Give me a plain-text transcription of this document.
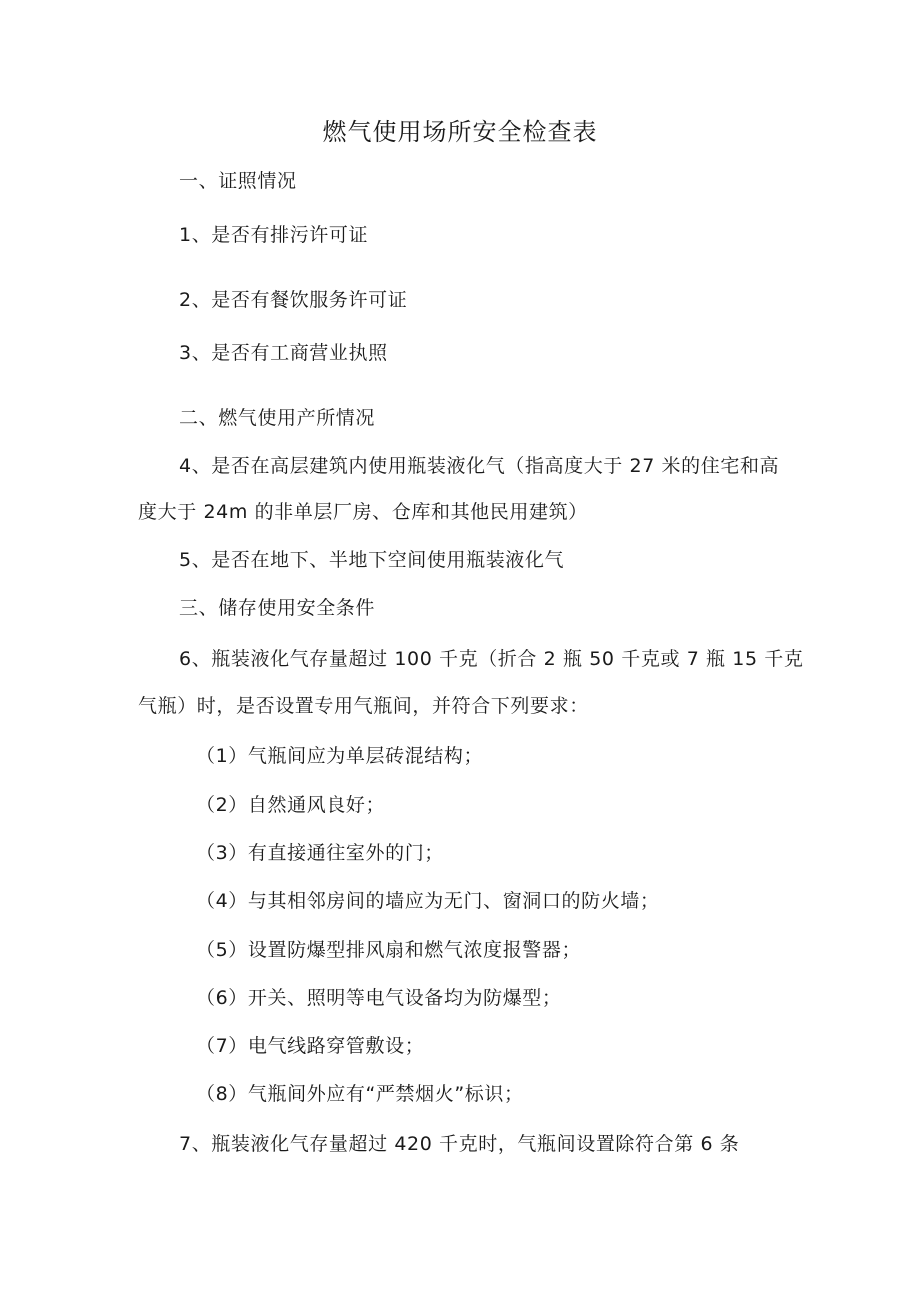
燃气使用场所安全检查表
一、证照情况
1、是否有排污许可证
2、是否有餐饮服务许可证
3、是否有工商营业执照
二、燃气使用产所情况
4、是否在高层建筑内使用瓶装液化气（指高度大于 27 米的住宅和高
度大于 24m 的非单层厂房、仓库和其他民用建筑）
5、是否在地下、半地下空间使用瓶装液化气
三、储存使用安全条件
6、瓶装液化气存量超过 100 千克（折合 2 瓶 50 千克或 7 瓶 15 千克
气瓶）时，是否设置专用气瓶间，并符合下列要求：
（1）气瓶间应为单层砖混结构；
（2）自然通风良好；
（3）有直接通往室外的门；
（4）与其相邻房间的墙应为无门、窗洞口的防火墙；
（5）设置防爆型排风扇和燃气浓度报警器；
（6）开关、照明等电气设备均为防爆型；
（7）电气线路穿管敷设；
（8）气瓶间外应有“严禁烟火”标识；
7、瓶装液化气存量超过 420 千克时，气瓶间设置除符合第 6 条
